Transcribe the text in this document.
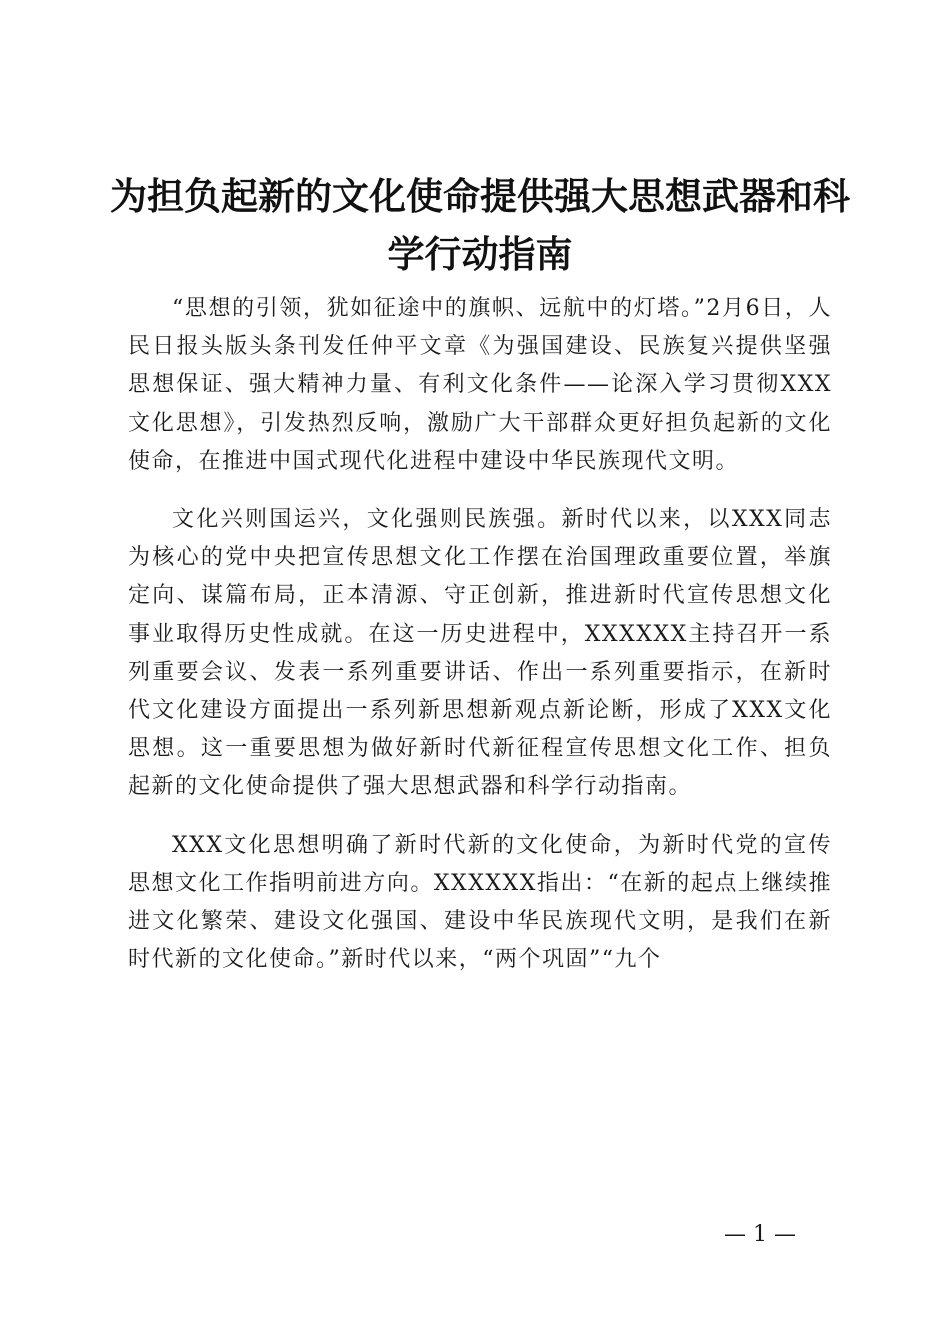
为担负起新的文化使命提供强大思想武器和科学行动指南

“思想的引领，犹如征途中的旗帜、远航中的灯塔。”2月6日，人民日报头版头条刊发任仲平文章《为强国建设、民族复兴提供坚强思想保证、强大精神力量、有利文化条件——论深入学习贯彻XXX文化思想》，引发热烈反响，激励广大干部群众更好担负起新的文化使命，在推进中国式现代化进程中建设中华民族现代文明。

文化兴则国运兴，文化强则民族强。新时代以来，以XXX同志为核心的党中央把宣传思想文化工作摆在治国理政重要位置，举旗定向、谋篇布局，正本清源、守正创新，推进新时代宣传思想文化事业取得历史性成就。在这一历史进程中，XXXXXX主持召开一系列重要会议、发表一系列重要讲话、作出一系列重要指示，在新时代文化建设方面提出一系列新思想新观点新论断，形成了XXX文化思想。这一重要思想为做好新时代新征程宣传思想文化工作、担负起新的文化使命提供了强大思想武器和科学行动指南。

XXX文化思想明确了新时代新的文化使命，为新时代党的宣传思想文化工作指明前进方向。XXXXXX指出：“在新的起点上继续推进文化繁荣、建设文化强国、建设中华民族现代文明，是我们在新时代新的文化使命。”新时代以来，“两个巩固”“九个

— 1 —
